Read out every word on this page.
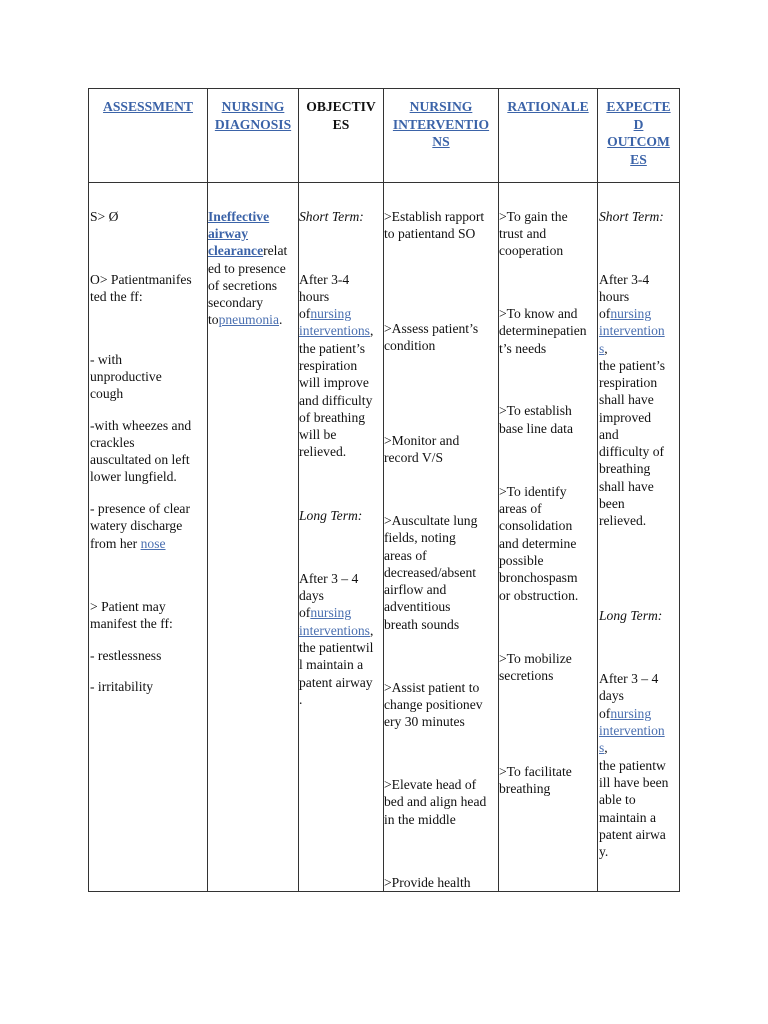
ASSESSMENT	NURSING DIAGNOSIS
OBJECTIV
ES
NURSING
INTERVENTIO
NS
RATIONALE	EXPECTE
D
OUTCOM
ES
S> Ø
O> Patientmanifes
ted the ff:
- with
unproductive
cough
-with wheezes and
crackles
auscultated on left
lower lungfield.
- presence of clear
watery discharge
from her nose
> Patient may
manifest the ff:
- restlessness
- irritability
Ineffective
airway
clearancerelat
ed to presence
of secretions
secondary
topneumonia.
Short Term:
After 3-4
hours
ofnursing
interventions,
the patient’s
respiration
will improve
and difficulty
of breathing
will be
relieved.
Long Term:
After 3 – 4
days
ofnursing
interventions,
the patientwil
l maintain a
patent airway
.
>Establish rapport
to patientand SO
>Assess patient’s
condition
>Monitor and
record V/S
>Auscultate lung
fields, noting
areas of
decreased/absent
airflow and
adventitious
breath sounds
>Assist patient to
change positionev
ery 30 minutes
>Elevate head of
bed and align head
in the middle
>Provide health
>To gain the
trust and
cooperation
>To know and
determinepatien
t’s needs
>To establish
base line data
>To identify
areas of
consolidation
and determine
possible
bronchospasm
or obstruction.
>To mobilize
secretions
>To facilitate
breathing
Short Term:
After 3-4
hours
ofnursing
intervention
s,
the patient’s
respiration
shall have
improved
and
difficulty of
breathing
shall have
been
relieved.
Long Term:
After 3 – 4
days
ofnursing
intervention
s,
the patientw
ill have been
able to
maintain a
patent airwa
y.
